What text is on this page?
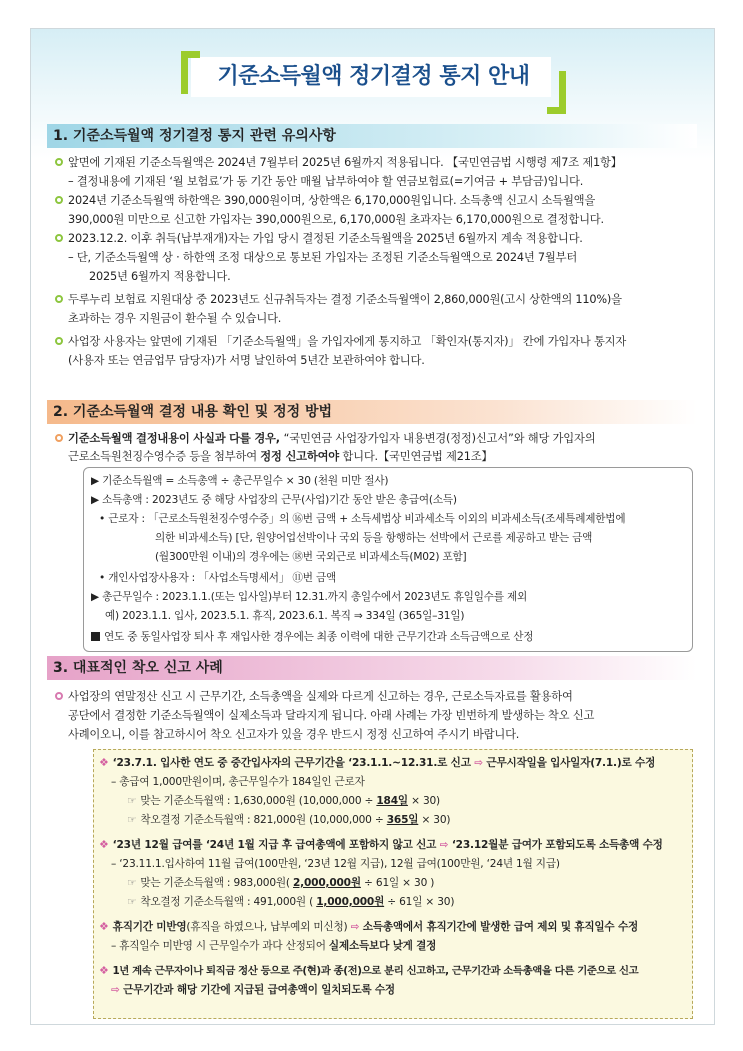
기준소득월액 정기결정 통지 안내
1. 기준소득월액 정기결정 통지 관련 유의사항
앞면에 기재된 기준소득월액은 2024년 7월부터 2025년 6월까지 적용됩니다. 【국민연금법 시행령 제7조 제1항】
– 결정내용에 기재된 ‘월 보험료’가 동 기간 동안 매월 납부하여야 할 연금보험료(=기여금 + 부담금)입니다.
2024년 기준소득월액 하한액은 390,000원이며, 상한액은 6,170,000원입니다. 소득총액 신고시 소득월액을
390,000원 미만으로 신고한 가입자는 390,000원으로, 6,170,000원 초과자는 6,170,000원으로 결정합니다.
2023.12.2. 이후 취득(납부재개)자는 가입 당시 결정된 기준소득월액을 2025년 6월까지 계속 적용합니다.
– 단, 기준소득월액 상 · 하한액 조정 대상으로 통보된 가입자는 조정된 기준소득월액으로 2024년 7월부터
2025년 6월까지 적용합니다.
두루누리 보험료 지원대상 중 2023년도 신규취득자는 결정 기준소득월액이 2,860,000원(고시 상한액의 110%)을
초과하는 경우 지원금이 환수될 수 있습니다.
사업장 사용자는 앞면에 기재된 「기준소득월액」을 가입자에게 통지하고 「확인자(통지자)」 칸에 가입자나 통지자
(사용자 또는 연금업무 담당자)가 서명 날인하여 5년간 보관하여야 합니다.
2. 기준소득월액 결정 내용 확인 및 정정 방법
기준소득월액 결정내용이 사실과 다를 경우, “국민연금 사업장가입자 내용변경(정정)신고서”와 해당 가입자의
근로소득원천징수영수증 등을 첨부하여 정정 신고하여야 합니다.【국민연금법 제21조】
▶ 기준소득월액 = 소득총액 ÷ 총근무일수 × 30 (천원 미만 절사)
▶ 소득총액 : 2023년도 중 해당 사업장의 근무(사업)기간 동안 받은 총급여(소득)
• 근로자 : 「근로소득원천징수영수증」의 ⑯번 금액 + 소득세법상 비과세소득 이외의 비과세소득(조세특례제한법에
의한 비과세소득) [단, 원양어업선박이나 국외 등을 항행하는 선박에서 근로를 제공하고 받는 금액
(월300만원 이내)의 경우에는 ⑱번 국외근로 비과세소득(M02) 포함]
• 개인사업장사용자 : 「사업소득명세서」 ⑪번 금액
▶ 총근무일수 : 2023.1.1.(또는 입사일)부터 12.31.까지 총일수에서 2023년도 휴일일수를 제외
예) 2023.1.1. 입사, 2023.5.1. 휴직, 2023.6.1. 복직 ⇒ 334일 (365일–31일)
연도 중 동일사업장 퇴사 후 재입사한 경우에는 최종 이력에 대한 근무기간과 소득금액으로 산정
3. 대표적인 착오 신고 사례
사업장의 연말정산 신고 시 근무기간, 소득총액을 실제와 다르게 신고하는 경우, 근로소득자료를 활용하여
공단에서 결정한 기준소득월액이 실제소득과 달라지게 됩니다. 아래 사례는 가장 빈번하게 발생하는 착오 신고
사례이오니, 이를 참고하시어 착오 신고자가 있을 경우 반드시 정정 신고하여 주시기 바랍니다.
❖ ‘23.7.1. 입사한 연도 중 중간입사자의 근무기간을 ‘23.1.1.~12.31.로 신고 ⇨ 근무시작일을 입사일자(7.1.)로 수정
– 총급여 1,000만원이며, 총근무일수가 184일인 근로자
☞ 맞는 기준소득월액 : 1,630,000원 (10,000,000 ÷ 184일 × 30)
☞ 착오결정 기준소득월액 : 821,000원 (10,000,000 ÷ 365일 × 30)
❖ ‘23년 12월 급여를 ‘24년 1월 지급 후 급여총액에 포함하지 않고 신고 ⇨ ‘23.12월분 급여가 포함되도록 소득총액 수정
– ‘23.11.1.입사하여 11월 급여(100만원, ‘23년 12월 지급), 12월 급여(100만원, ‘24년 1월 지급)
☞ 맞는 기준소득월액 : 983,000원( 2,000,000원 ÷ 61일 × 30 )
☞ 착오결정 기준소득월액 : 491,000원 ( 1,000,000원 ÷ 61일 × 30)
❖ 휴직기간 미반영(휴직을 하였으나, 납부예외 미신청) ⇨ 소득총액에서 휴직기간에 발생한 급여 제외 및 휴직일수 수정
– 휴직일수 미반영 시 근무일수가 과다 산정되어 실제소득보다 낮게 결정
❖ 1년 계속 근무자이나 퇴직금 정산 등으로 주(현)과 종(전)으로 분리 신고하고, 근무기간과 소득총액을 다른 기준으로 신고
⇨ 근무기간과 해당 기간에 지급된 급여총액이 일치되도록 수정
